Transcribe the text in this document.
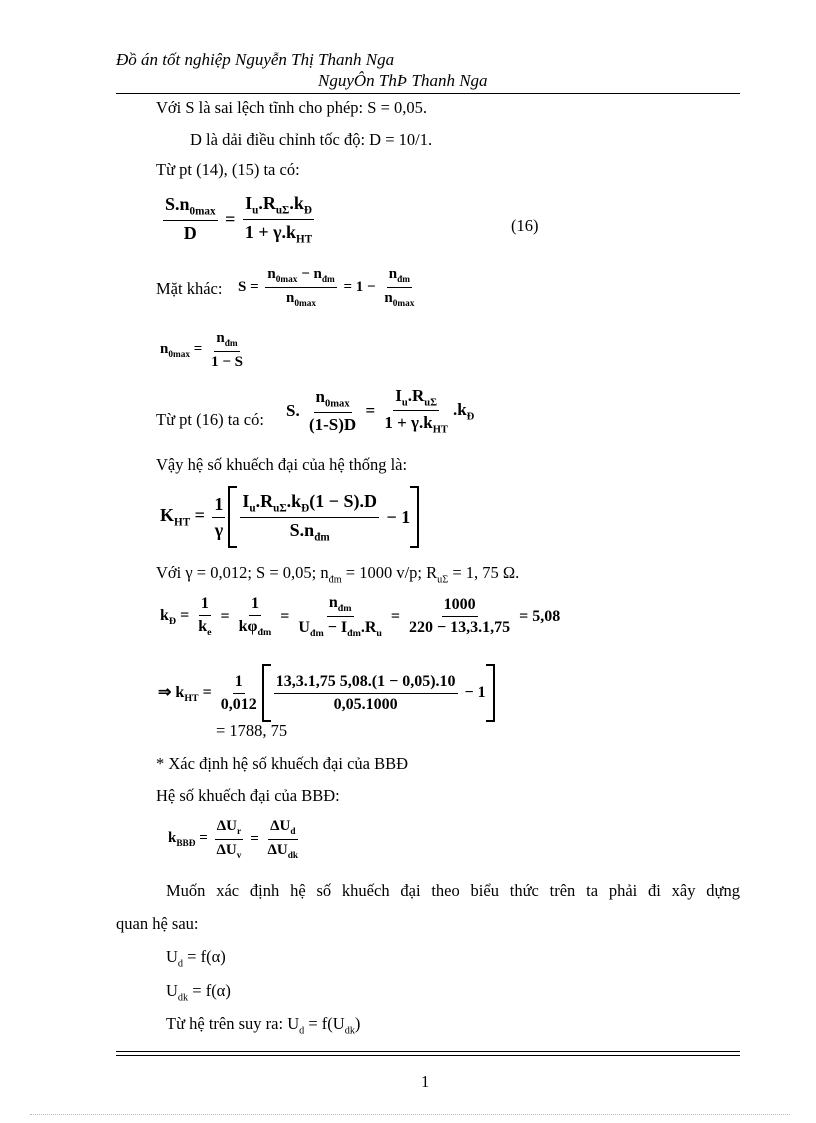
Đồ án tốt nghiệp Nguyễn Thị Thanh Nga
NguyÔn ThÞ Thanh Nga
Với S là sai lệch tĩnh cho phép: S = 0,05.
D là dải điều chỉnh tốc độ: D = 10/1.
Từ pt (14), (15) ta có:
$\frac{S.n_{0max}}{D} = \frac{I_u.R_{u\Sigma}.k_Đ}{1 + \gamma.k_{HT}}$	(16)
Mặt khác: $S = \frac{n_{0max} - n_{đm}}{n_{0max}} = 1 - \frac{n_{đm}}{n_{0max}}$
$n_{0max} = \frac{n_{đm}}{1 - S}$
Từ pt (16) ta có: S. $\frac{n_{0max}}{(1-S)D} = \frac{I_u.R_{u\Sigma}}{1 + \gamma.k_{HT}} .k_Đ$
Vậy hệ số khuếch đại của hệ thống là:
$K_{HT} = \frac{1}{\gamma} \frac{I_u.R_{u\Sigma}.k_Đ(1 - S).D}{S.n_{đm}} - 1$
Với γ = 0,012; S = 0,05; $n_{đm} = 1000$ v/p; $R_{u\Sigma} = 1$, 75 Ω.
$k_Đ = \frac{1}{k_e} = \frac{1}{k\varphi_{đm}} = \frac{n_{đm}}{U_{đm} - I_{đm}.R_u} = \frac{1000}{220 - 13,3.1,75} = 5,08$
⇒ $k_{HT} = \frac{1}{0,012} \frac{13,3.1,75 5,08.(1 - 0,05).10}{0,05.1000} - 1$
= 1788, 75
* Xác định hệ số khuếch đại của BBĐ
Hệ số khuếch đại của BBĐ:
$k_{BBĐ} = \frac{\Delta U_r}{\Delta U_v} = \frac{\Delta U_d}{\Delta U_{dk}}$
Muốn xác định hệ số khuếch đại theo biểu thức trên ta phải đi xây dựng
quan hệ sau:
$U_d = f(\alpha)$
$U_{dk} = f(\alpha)$
Từ hệ trên suy ra: $U_d = f(U_{dk})$
1
